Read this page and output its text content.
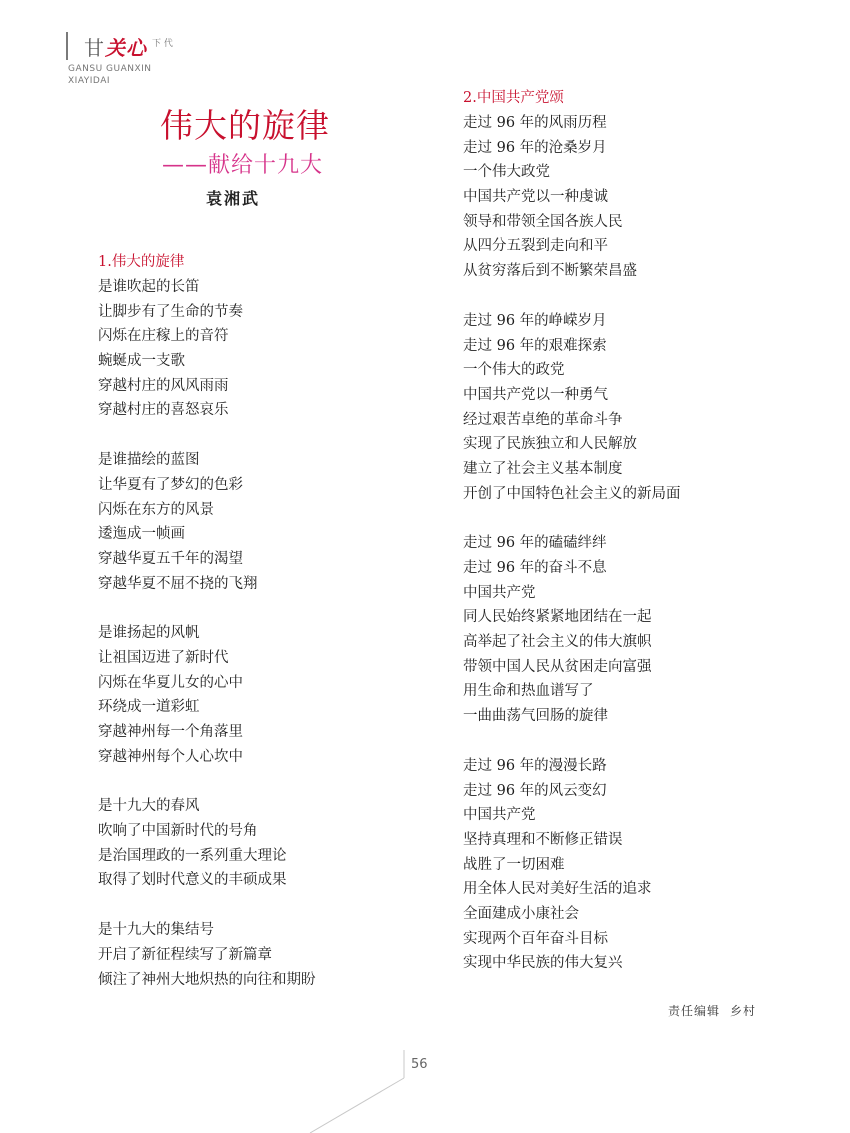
甘关心 下 代
GANSU GUANXIN
XIAYIDAI
伟大的旋律
——献给十九大
袁湘武
1.伟大的旋律
是谁吹起的长笛
让脚步有了生命的节奏
闪烁在庄稼上的音符
蜿蜒成一支歌
穿越村庄的风风雨雨
穿越村庄的喜怒哀乐
是谁描绘的蓝图
让华夏有了梦幻的色彩
闪烁在东方的风景
逶迤成一帧画
穿越华夏五千年的渴望
穿越华夏不屈不挠的飞翔
是谁扬起的风帆
让祖国迈进了新时代
闪烁在华夏儿女的心中
环绕成一道彩虹
穿越神州每一个角落里
穿越神州每个人心坎中
是十九大的春风
吹响了中国新时代的号角
是治国理政的一系列重大理论
取得了划时代意义的丰硕成果
是十九大的集结号
开启了新征程续写了新篇章
倾注了神州大地炽热的向往和期盼
2.中国共产党颂
走过 96 年的风雨历程
走过 96 年的沧桑岁月
一个伟大政党
中国共产党以一种虔诚
领导和带领全国各族人民
从四分五裂到走向和平
从贫穷落后到不断繁荣昌盛
走过 96 年的峥嵘岁月
走过 96 年的艰难探索
一个伟大的政党
中国共产党以一种勇气
经过艰苦卓绝的革命斗争
实现了民族独立和人民解放
建立了社会主义基本制度
开创了中国特色社会主义的新局面
走过 96 年的磕磕绊绊
走过 96 年的奋斗不息
中国共产党
同人民始终紧紧地团结在一起
高举起了社会主义的伟大旗帜
带领中国人民从贫困走向富强
用生命和热血谱写了
一曲曲荡气回肠的旋律
走过 96 年的漫漫长路
走过 96 年的风云变幻
中国共产党
坚持真理和不断修正错误
战胜了一切困难
用全体人民对美好生活的追求
全面建成小康社会
实现两个百年奋斗目标
实现中华民族的伟大复兴
责任编辑 乡村
56
